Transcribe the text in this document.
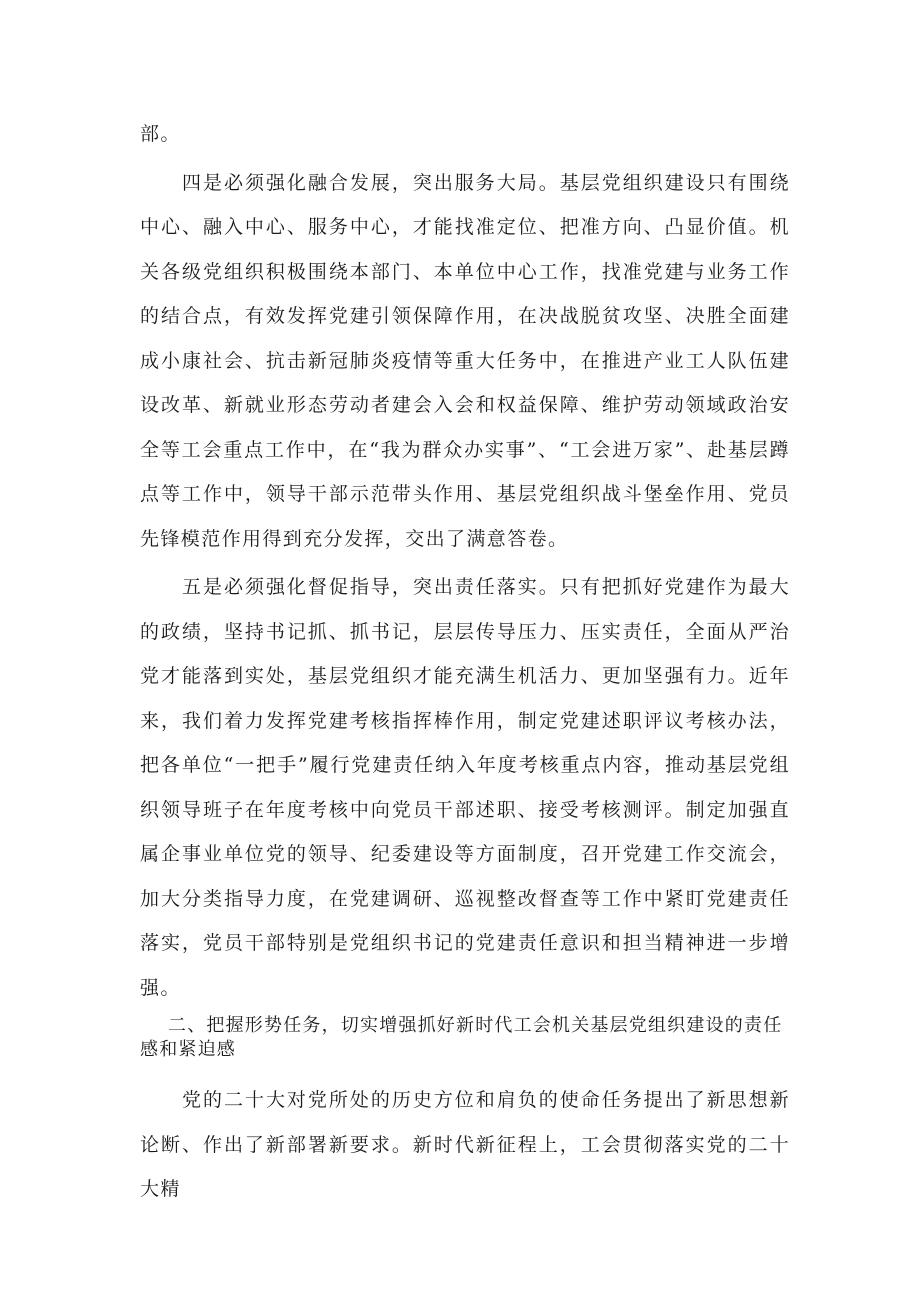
部。

四是必须强化融合发展，突出服务大局。基层党组织建设只有围绕中心、融入中心、服务中心，才能找准定位、把准方向、凸显价值。机关各级党组织积极围绕本部门、本单位中心工作，找准党建与业务工作的结合点，有效发挥党建引领保障作用，在决战脱贫攻坚、决胜全面建成小康社会、抗击新冠肺炎疫情等重大任务中，在推进产业工人队伍建设改革、新就业形态劳动者建会入会和权益保障、维护劳动领域政治安全等工会重点工作中，在“我为群众办实事”、“工会进万家”、赴基层蹲点等工作中，领导干部示范带头作用、基层党组织战斗堡垒作用、党员先锋模范作用得到充分发挥，交出了满意答卷。

五是必须强化督促指导，突出责任落实。只有把抓好党建作为最大的政绩，坚持书记抓、抓书记，层层传导压力、压实责任，全面从严治党才能落到实处，基层党组织才能充满生机活力、更加坚强有力。近年来，我们着力发挥党建考核指挥棒作用，制定党建述职评议考核办法，把各单位“一把手”履行党建责任纳入年度考核重点内容，推动基层党组织领导班子在年度考核中向党员干部述职、接受考核测评。制定加强直属企事业单位党的领导、纪委建设等方面制度，召开党建工作交流会，加大分类指导力度，在党建调研、巡视整改督查等工作中紧盯党建责任落实，党员干部特别是党组织书记的党建责任意识和担当精神进一步增强。

二、把握形势任务，切实增强抓好新时代工会机关基层党组织建设的责任感和紧迫感

党的二十大对党所处的历史方位和肩负的使命任务提出了新思想新论断、作出了新部署新要求。新时代新征程上，工会贯彻落实党的二十大精
